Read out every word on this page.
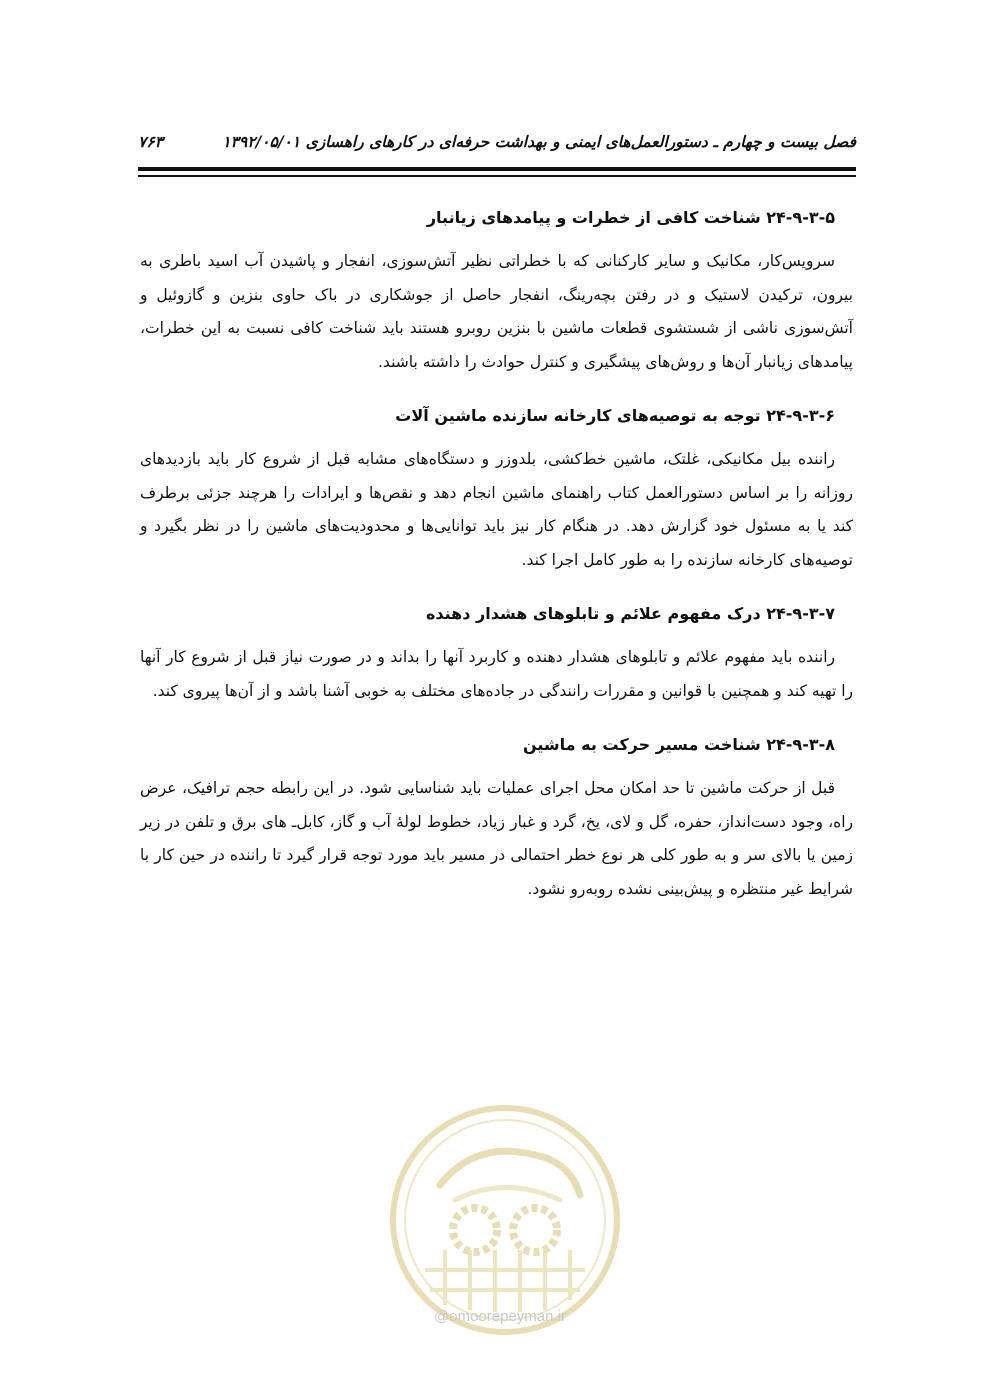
فصل بیست و چهارم ـ دستورالعمل‌های ایمنی و بهداشت حرفه‌ای در کارهای راهسازی ۱۳۹۲/۰۵/۰۱
۷۶۳
۲۴-۹-۳-۵ شناخت کافی از خطرات و پیامدهای زیانبار

سرویس‌کار، مکانیک و سایر کارکنانی که با خطراتی نظیر آتش‌سوزی، انفجار و پاشیدن آب اسید باطری به بیرون، ترکیدن لاستیک و در رفتن بچه‌رینگ، انفجار حاصل از جوشکاری در باک حاوی بنزین و گازوئیل و آتش‌سوزی ناشی از شستشوی قطعات ماشین با بنزین روبرو هستند باید شناخت کافی نسبت به این خطرات، پیامدهای زیانبار آن‌ها و روش‌های پیشگیری و کنترل حوادث را داشته باشند.

۲۴-۹-۳-۶ توجه به توصیه‌های کارخانه سازنده ماشین آلات

راننده بیل مکانیکی، غلتک، ماشین خط‌کشی، بلدوزر و دستگاه‌های مشابه قبل از شروع کار باید بازدیدهای روزانه را بر اساس دستورالعمل کتاب راهنمای ماشین انجام دهد و نقص‌ها و ایرادات را هرچند جزئی برطرف کند یا به مسئول خود گزارش دهد. در هنگام کار نیز باید توانایی‌ها و محدودیت‌های ماشین را در نظر بگیرد و توصیه‌های کارخانه سازنده را به طور کامل اجرا کند.

۲۴-۹-۳-۷ درک مفهوم علائم و تابلوهای هشدار دهنده

راننده باید مفهوم علائم و تابلوهای هشدار دهنده و کاربرد آنها را بداند و در صورت نیاز قبل از شروع کار آنها را تهیه کند و همچنین با قوانین و مقررات رانندگی در جاده‌های مختلف به خوبی آشنا باشد و از آن‌ها پیروی کند.

۲۴-۹-۳-۸ شناخت مسیر حرکت به ماشین

قبل از حرکت ماشین تا حد امکان محل اجرای عملیات باید شناسایی شود. در این رابطه حجم ترافیک، عرض راه، وجود دست‌انداز، حفره، گل و لای، یخ، گرد و غبار زیاد، خطوط لولهٔ آب و گاز، کابل‌ـ های برق و تلفن در زیر زمین یا بالای سر و به طور کلی هر نوع خطر احتمالی در مسیر باید مورد توجه قرار گیرد تا راننده در حین کار با شرایط غیر منتظره و پیش‌بینی نشده روبه‌رو نشود.

@omoorepeyman.ir
